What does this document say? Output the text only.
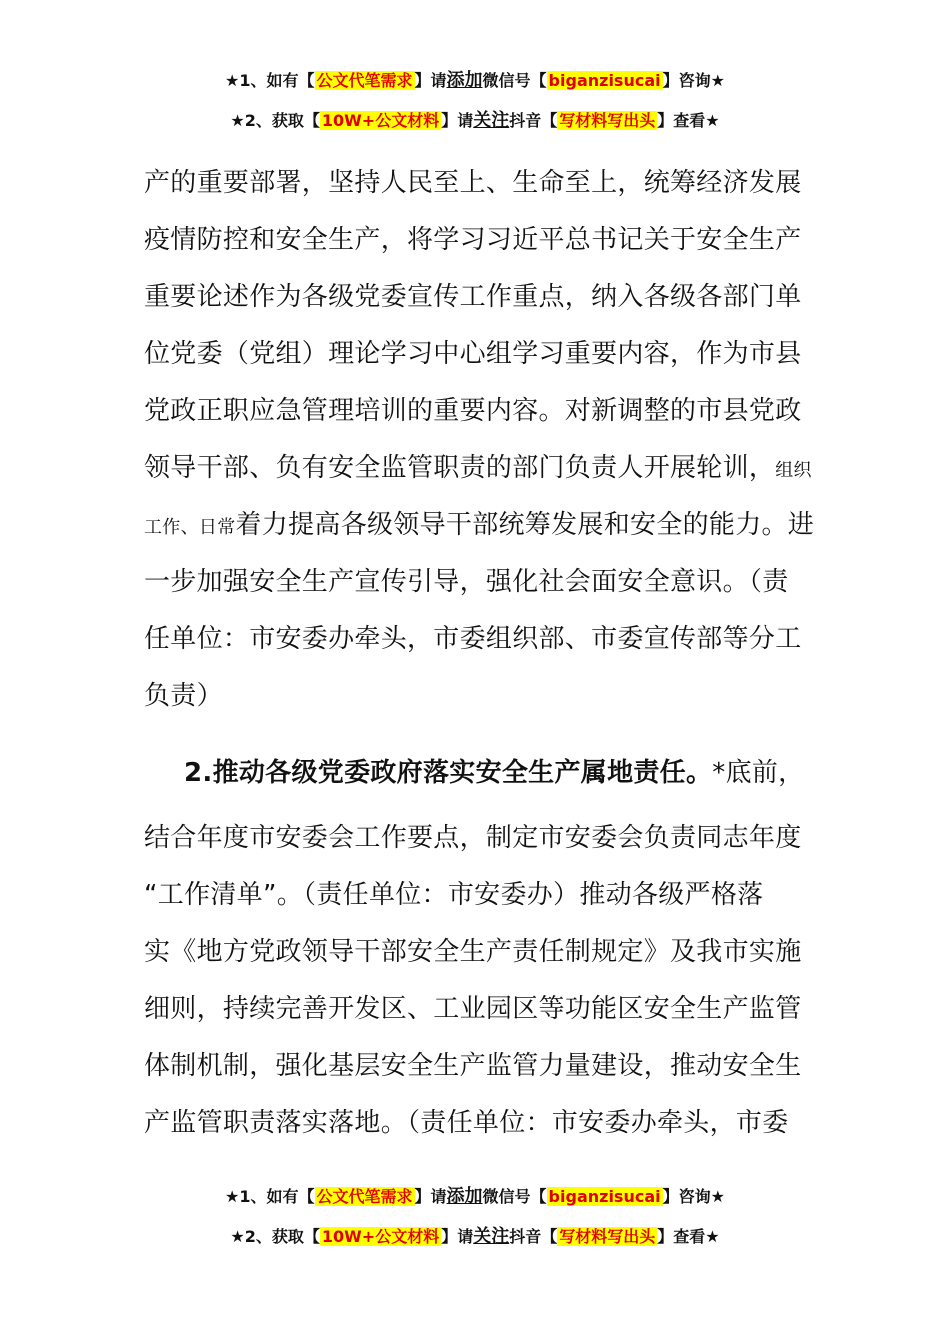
★1、如有【 公文代笔需求 】请添加微信号【 biganzisucai 】咨询★
★2、获取【 10W+公文材料 】请关注抖音【 写材料写出头 】查看★
产的重要部署，坚持人民至上、生命至上，统筹经济发展
疫情防控和安全生产，将学习习近平总书记关于安全生产
重要论述作为各级党委宣传工作重点，纳入各级各部门单
位党委（党组）理论学习中心组学习重要内容，作为市县
党政正职应急管理培训的重要内容。对新调整的市县党政
领导干部、负有安全监管职责的部门负责人开展轮训，组织
工作、日常着力提高各级领导干部统筹发展和安全的能力。进
一步加强安全生产宣传引导，强化社会面安全意识。（责
任单位：市安委办牵头，市委组织部、市委宣传部等分工
负责）
2.推动各级党委政府落实安全生产属地责任。*底前，
结合年度市安委会工作要点，制定市安委会负责同志年度
“工作清单”。（责任单位：市安委办）推动各级严格落
实《地方党政领导干部安全生产责任制规定》及我市实施
细则，持续完善开发区、工业园区等功能区安全生产监管
体制机制，强化基层安全生产监管力量建设，推动安全生
产监管职责落实落地。（责任单位：市安委办牵头，市委
★1、如有【 公文代笔需求 】请添加微信号【 biganzisucai 】咨询★
★2、获取【 10W+公文材料 】请关注抖音【 写材料写出头 】查看★
